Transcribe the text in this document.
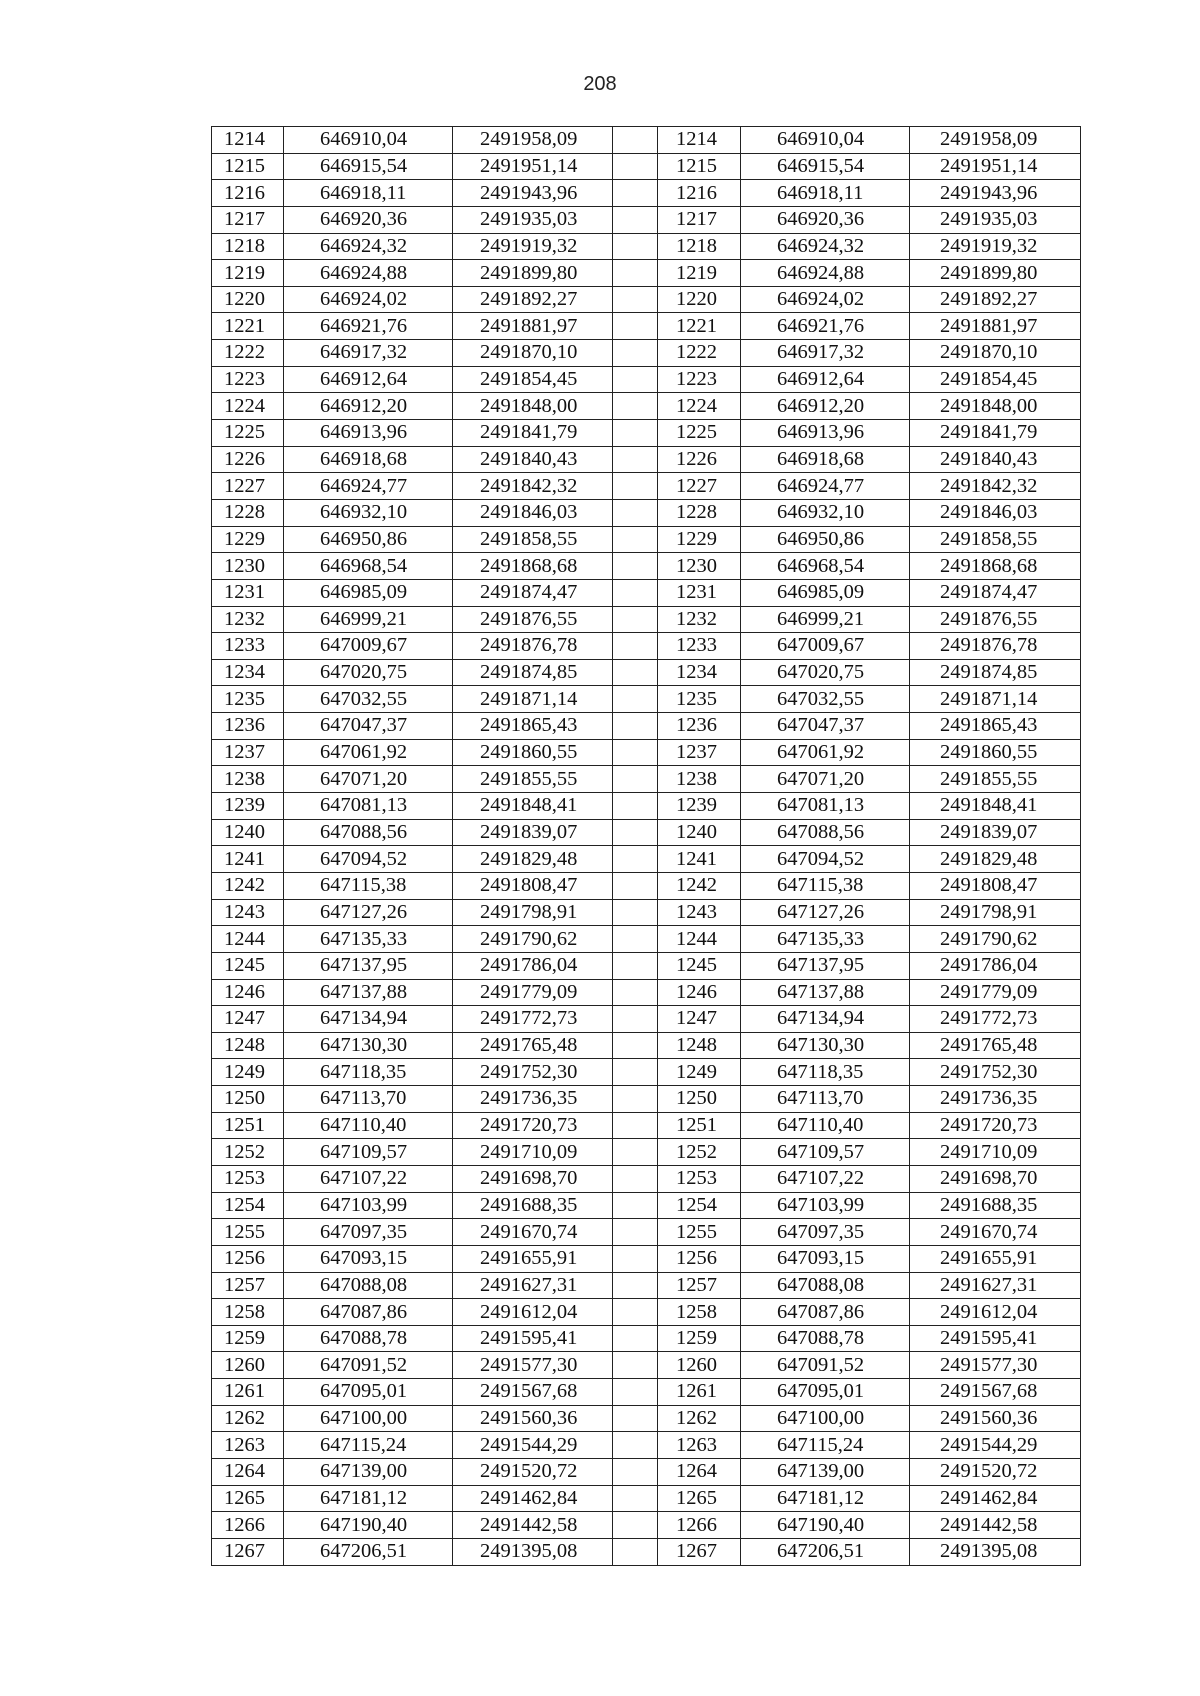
208
1214	646910,04	2491958,09		1214	646910,04	2491958,09
1215	646915,54	2491951,14		1215	646915,54	2491951,14
1216	646918,11	2491943,96		1216	646918,11	2491943,96
1217	646920,36	2491935,03		1217	646920,36	2491935,03
1218	646924,32	2491919,32		1218	646924,32	2491919,32
1219	646924,88	2491899,80		1219	646924,88	2491899,80
1220	646924,02	2491892,27		1220	646924,02	2491892,27
1221	646921,76	2491881,97		1221	646921,76	2491881,97
1222	646917,32	2491870,10		1222	646917,32	2491870,10
1223	646912,64	2491854,45		1223	646912,64	2491854,45
1224	646912,20	2491848,00		1224	646912,20	2491848,00
1225	646913,96	2491841,79		1225	646913,96	2491841,79
1226	646918,68	2491840,43		1226	646918,68	2491840,43
1227	646924,77	2491842,32		1227	646924,77	2491842,32
1228	646932,10	2491846,03		1228	646932,10	2491846,03
1229	646950,86	2491858,55		1229	646950,86	2491858,55
1230	646968,54	2491868,68		1230	646968,54	2491868,68
1231	646985,09	2491874,47		1231	646985,09	2491874,47
1232	646999,21	2491876,55		1232	646999,21	2491876,55
1233	647009,67	2491876,78		1233	647009,67	2491876,78
1234	647020,75	2491874,85		1234	647020,75	2491874,85
1235	647032,55	2491871,14		1235	647032,55	2491871,14
1236	647047,37	2491865,43		1236	647047,37	2491865,43
1237	647061,92	2491860,55		1237	647061,92	2491860,55
1238	647071,20	2491855,55		1238	647071,20	2491855,55
1239	647081,13	2491848,41		1239	647081,13	2491848,41
1240	647088,56	2491839,07		1240	647088,56	2491839,07
1241	647094,52	2491829,48		1241	647094,52	2491829,48
1242	647115,38	2491808,47		1242	647115,38	2491808,47
1243	647127,26	2491798,91		1243	647127,26	2491798,91
1244	647135,33	2491790,62		1244	647135,33	2491790,62
1245	647137,95	2491786,04		1245	647137,95	2491786,04
1246	647137,88	2491779,09		1246	647137,88	2491779,09
1247	647134,94	2491772,73		1247	647134,94	2491772,73
1248	647130,30	2491765,48		1248	647130,30	2491765,48
1249	647118,35	2491752,30		1249	647118,35	2491752,30
1250	647113,70	2491736,35		1250	647113,70	2491736,35
1251	647110,40	2491720,73		1251	647110,40	2491720,73
1252	647109,57	2491710,09		1252	647109,57	2491710,09
1253	647107,22	2491698,70		1253	647107,22	2491698,70
1254	647103,99	2491688,35		1254	647103,99	2491688,35
1255	647097,35	2491670,74		1255	647097,35	2491670,74
1256	647093,15	2491655,91		1256	647093,15	2491655,91
1257	647088,08	2491627,31		1257	647088,08	2491627,31
1258	647087,86	2491612,04		1258	647087,86	2491612,04
1259	647088,78	2491595,41		1259	647088,78	2491595,41
1260	647091,52	2491577,30		1260	647091,52	2491577,30
1261	647095,01	2491567,68		1261	647095,01	2491567,68
1262	647100,00	2491560,36		1262	647100,00	2491560,36
1263	647115,24	2491544,29		1263	647115,24	2491544,29
1264	647139,00	2491520,72		1264	647139,00	2491520,72
1265	647181,12	2491462,84		1265	647181,12	2491462,84
1266	647190,40	2491442,58		1266	647190,40	2491442,58
1267	647206,51	2491395,08		1267	647206,51	2491395,08
